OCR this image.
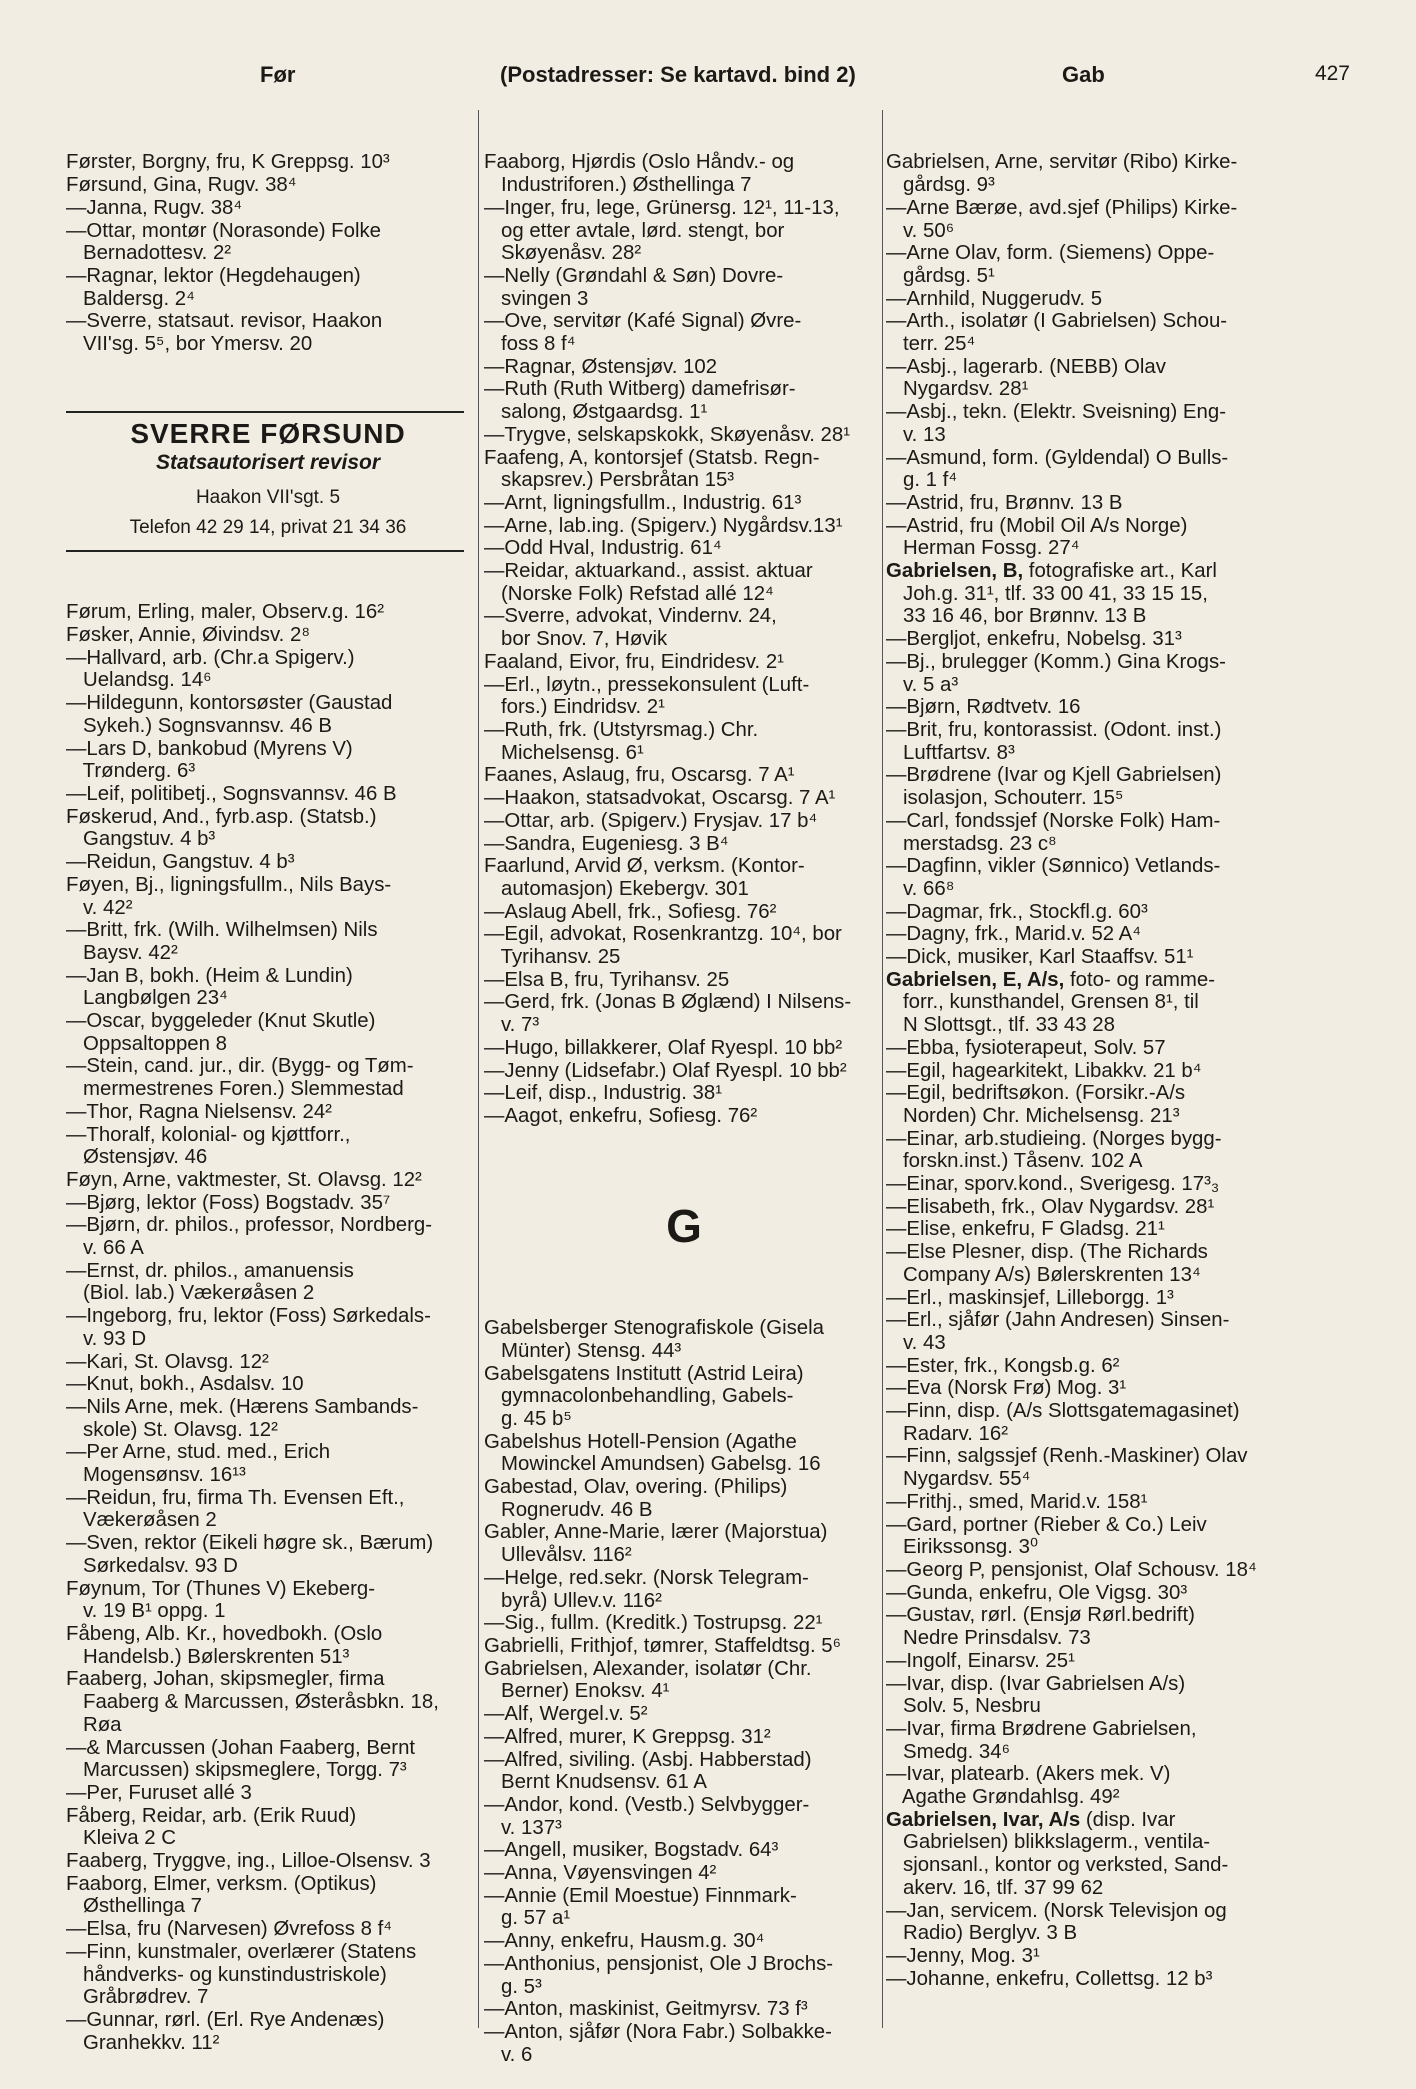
Før	(Postadresser: Se kartavd. bind 2)	Gab	427

Førster, Borgny, fru, K Greppsg. 10³
Førsund, Gina, Rugv. 38⁴
—Janna, Rugv. 38⁴
—Ottar, montør (Norasonde) Folke
Bernadottesv. 2²
—Ragnar, lektor (Hegdehaugen)
Baldersg. 2⁴
—Sverre, statsaut. revisor, Haakon
VII'sg. 5⁵, bor Ymersv. 20

SVERRE FØRSUND
Statsautorisert revisor
Haakon VII'sgt. 5
Telefon 42 29 14, privat 21 34 36

Førum, Erling, maler, Observ.g. 16²
Føsker, Annie, Øivindsv. 2⁸
—Hallvard, arb. (Chr.a Spigerv.)
Uelandsg. 14⁶
—Hildegunn, kontorsøster (Gaustad
Sykeh.) Sognsvannsv. 46 B
—Lars D, bankobud (Myrens V)
Trønderg. 6³
—Leif, politibetj., Sognsvannsv. 46 B
Føskerud, And., fyrb.asp. (Statsb.)
Gangstuv. 4 b³
—Reidun, Gangstuv. 4 b³
Føyen, Bj., ligningsfullm., Nils Bays-
v. 42²
—Britt, frk. (Wilh. Wilhelmsen) Nils
Baysv. 42²
—Jan B, bokh. (Heim & Lundin)
Langbølgen 23⁴
—Oscar, byggeleder (Knut Skutle)
Oppsaltoppen 8
—Stein, cand. jur., dir. (Bygg- og Tøm-
mermestrenes Foren.) Slemmestad
—Thor, Ragna Nielsensv. 24²
—Thoralf, kolonial- og kjøttforr.,
Østensjøv. 46
Føyn, Arne, vaktmester, St. Olavsg. 12²
—Bjørg, lektor (Foss) Bogstadv. 35⁷
—Bjørn, dr. philos., professor, Nordberg-
v. 66 A
—Ernst, dr. philos., amanuensis
(Biol. lab.) Vækerøåsen 2
—Ingeborg, fru, lektor (Foss) Sørkedals-
v. 93 D
—Kari, St. Olavsg. 12²
—Knut, bokh., Asdalsv. 10
—Nils Arne, mek. (Hærens Sambands-
skole) St. Olavsg. 12²
—Per Arne, stud. med., Erich
Mogensønsv. 16¹³
—Reidun, fru, firma Th. Evensen Eft.,
Vækerøåsen 2
—Sven, rektor (Eikeli høgre sk., Bærum)
Sørkedalsv. 93 D
Føynum, Tor (Thunes V) Ekeberg-
v. 19 B¹ oppg. 1
Fåbeng, Alb. Kr., hovedbokh. (Oslo
Handelsb.) Bølerskrenten 51³
Faaberg, Johan, skipsmegler, firma
Faaberg & Marcussen, Østeråsbkn. 18,
Røa
—& Marcussen (Johan Faaberg, Bernt
Marcussen) skipsmeglere, Torgg. 7³
—Per, Furuset allé 3
Fåberg, Reidar, arb. (Erik Ruud)
Kleiva 2 C
Faaberg, Tryggve, ing., Lilloe-Olsensv. 3
Faaborg, Elmer, verksm. (Optikus)
Østhellinga 7
—Elsa, fru (Narvesen) Øvrefoss 8 f⁴
—Finn, kunstmaler, overlærer (Statens
håndverks- og kunstindustriskole)
Gråbrødrev. 7
—Gunnar, rørl. (Erl. Rye Andenæs)
Granhekkv. 11²

Faaborg, Hjørdis (Oslo Håndv.- og
Industriforen.) Østhellinga 7
—Inger, fru, lege, Grünersg. 12¹, 11-13,
og etter avtale, lørd. stengt, bor
Skøyenåsv. 28²
—Nelly (Grøndahl & Søn) Dovre-
svingen 3
—Ove, servitør (Kafé Signal) Øvre-
foss 8 f⁴
—Ragnar, Østensjøv. 102
—Ruth (Ruth Witberg) damefrisør-
salong, Østgaardsg. 1¹
—Trygve, selskapskokk, Skøyenåsv. 28¹
Faafeng, A, kontorsjef (Statsb. Regn-
skapsrev.) Persbråtan 15³
—Arnt, ligningsfullm., Industrig. 61³
—Arne, lab.ing. (Spigerv.) Nygårdsv.13¹
—Odd Hval, Industrig. 61⁴
—Reidar, aktuarkand., assist. aktuar
(Norske Folk) Refstad allé 12⁴
—Sverre, advokat, Vindernv. 24,
bor Snov. 7, Høvik
Faaland, Eivor, fru, Eindridesv. 2¹
—Erl., løytn., pressekonsulent (Luft-
fors.) Eindridsv. 2¹
—Ruth, frk. (Utstyrsmag.) Chr.
Michelsensg. 6¹
Faanes, Aslaug, fru, Oscarsg. 7 A¹
—Haakon, statsadvokat, Oscarsg. 7 A¹
—Ottar, arb. (Spigerv.) Frysjav. 17 b⁴
—Sandra, Eugeniesg. 3 B⁴
Faarlund, Arvid Ø, verksm. (Kontor-
automasjon) Ekebergv. 301
—Aslaug Abell, frk., Sofiesg. 76²
—Egil, advokat, Rosenkrantzg. 10⁴, bor
Tyrihansv. 25
—Elsa B, fru, Tyrihansv. 25
—Gerd, frk. (Jonas B Øglænd) I Nilsens-
v. 7³
—Hugo, billakkerer, Olaf Ryespl. 10 bb²
—Jenny (Lidsefabr.) Olaf Ryespl. 10 bb²
—Leif, disp., Industrig. 38¹
—Aagot, enkefru, Sofiesg. 76²

G

Gabelsberger Stenografiskole (Gisela
Münter) Stensg. 44³
Gabelsgatens Institutt (Astrid Leira)
gymnacolonbehandling, Gabels-
g. 45 b⁵
Gabelshus Hotell-Pension (Agathe
Mowinckel Amundsen) Gabelsg. 16
Gabestad, Olav, overing. (Philips)
Rognerudv. 46 B
Gabler, Anne-Marie, lærer (Majorstua)
Ullevålsv. 116²
—Helge, red.sekr. (Norsk Telegram-
byrå) Ullev.v. 116²
—Sig., fullm. (Kreditk.) Tostrupsg. 22¹
Gabrielli, Frithjof, tømrer, Staffeldtsg. 5⁶
Gabrielsen, Alexander, isolatør (Chr.
Berner) Enoksv. 4¹
—Alf, Wergel.v. 5²
—Alfred, murer, K Greppsg. 31²
—Alfred, siviling. (Asbj. Habberstad)
Bernt Knudsensv. 61 A
—Andor, kond. (Vestb.) Selvbygger-
v. 137³
—Angell, musiker, Bogstadv. 64³
—Anna, Vøyensvingen 4²
—Annie (Emil Moestue) Finnmark-
g. 57 a¹
—Anny, enkefru, Hausm.g. 30⁴
—Anthonius, pensjonist, Ole J Brochs-
g. 5³
—Anton, maskinist, Geitmyrsv. 73 f³
—Anton, sjåfør (Nora Fabr.) Solbakke-
v. 6

Gabrielsen, Arne, servitør (Ribo) Kirke-
gårdsg. 9³
—Arne Bærøe, avd.sjef (Philips) Kirke-
v. 50⁶
—Arne Olav, form. (Siemens) Oppe-
gårdsg. 5¹
—Arnhild, Nuggerudv. 5
—Arth., isolatør (I Gabrielsen) Schou-
terr. 25⁴
—Asbj., lagerarb. (NEBB) Olav
Nygardsv. 28¹
—Asbj., tekn. (Elektr. Sveisning) Eng-
v. 13
—Asmund, form. (Gyldendal) O Bulls-
g. 1 f⁴
—Astrid, fru, Brønnv. 13 B
—Astrid, fru (Mobil Oil A/s Norge)
Herman Fossg. 27⁴
Gabrielsen, B, fotografiske art., Karl
Joh.g. 31¹, tlf. 33 00 41, 33 15 15,
33 16 46, bor Brønnv. 13 B
—Bergljot, enkefru, Nobelsg. 31³
—Bj., brulegger (Komm.) Gina Krogs-
v. 5 a³
—Bjørn, Rødtvetv. 16
—Brit, fru, kontorassist. (Odont. inst.)
Luftfartsv. 8³
—Brødrene (Ivar og Kjell Gabrielsen)
isolasjon, Schouterr. 15⁵
—Carl, fondssjef (Norske Folk) Ham-
merstadsg. 23 c⁸
—Dagfinn, vikler (Sønnico) Vetlands-
v. 66⁸
—Dagmar, frk., Stockfl.g. 60³
—Dagny, frk., Marid.v. 52 A⁴
—Dick, musiker, Karl Staaffsv. 51¹
Gabrielsen, E, A/s, foto- og ramme-
forr., kunsthandel, Grensen 8¹, til
N Slottsgt., tlf. 33 43 28
—Ebba, fysioterapeut, Solv. 57
—Egil, hagearkitekt, Libakkv. 21 b⁴
—Egil, bedriftsøkon. (Forsikr.-A/s
Norden) Chr. Michelsensg. 21³
—Einar, arb.studieing. (Norges bygg-
forskn.inst.) Tåsenv. 102 A
—Einar, sporv.kond., Sverigesg. 17³₃
—Elisabeth, frk., Olav Nygardsv. 28¹
—Elise, enkefru, F Gladsg. 21¹
—Else Plesner, disp. (The Richards
Company A/s) Bølerskrenten 13⁴
—Erl., maskinsjef, Lilleborgg. 1³
—Erl., sjåfør (Jahn Andresen) Sinsen-
v. 43
—Ester, frk., Kongsb.g. 6²
—Eva (Norsk Frø) Mog. 3¹
—Finn, disp. (A/s Slottsgatemagasinet)
Radarv. 16²
—Finn, salgssjef (Renh.-Maskiner) Olav
Nygardsv. 55⁴
—Frithj., smed, Marid.v. 158¹
—Gard, portner (Rieber & Co.) Leiv
Eirikssonsg. 3⁰
—Georg P, pensjonist, Olaf Schousv. 18⁴
—Gunda, enkefru, Ole Vigsg. 30³
—Gustav, rørl. (Ensjø Rørl.bedrift)
Nedre Prinsdalsv. 73
—Ingolf, Einarsv. 25¹
—Ivar, disp. (Ivar Gabrielsen A/s)
Solv. 5, Nesbru
—Ivar, firma Brødrene Gabrielsen,
Smedg. 34⁶
—Ivar, platearb. (Akers mek. V)
Agathe Grøndahlsg. 49²
Gabrielsen, Ivar, A/s (disp. Ivar
Gabrielsen) blikkslagerm., ventila-
sjonsanl., kontor og verksted, Sand-
akerv. 16, tlf. 37 99 62
—Jan, servicem. (Norsk Televisjon og
Radio) Berglyv. 3 B
—Jenny, Mog. 3¹
—Johanne, enkefru, Collettsg. 12 b³
